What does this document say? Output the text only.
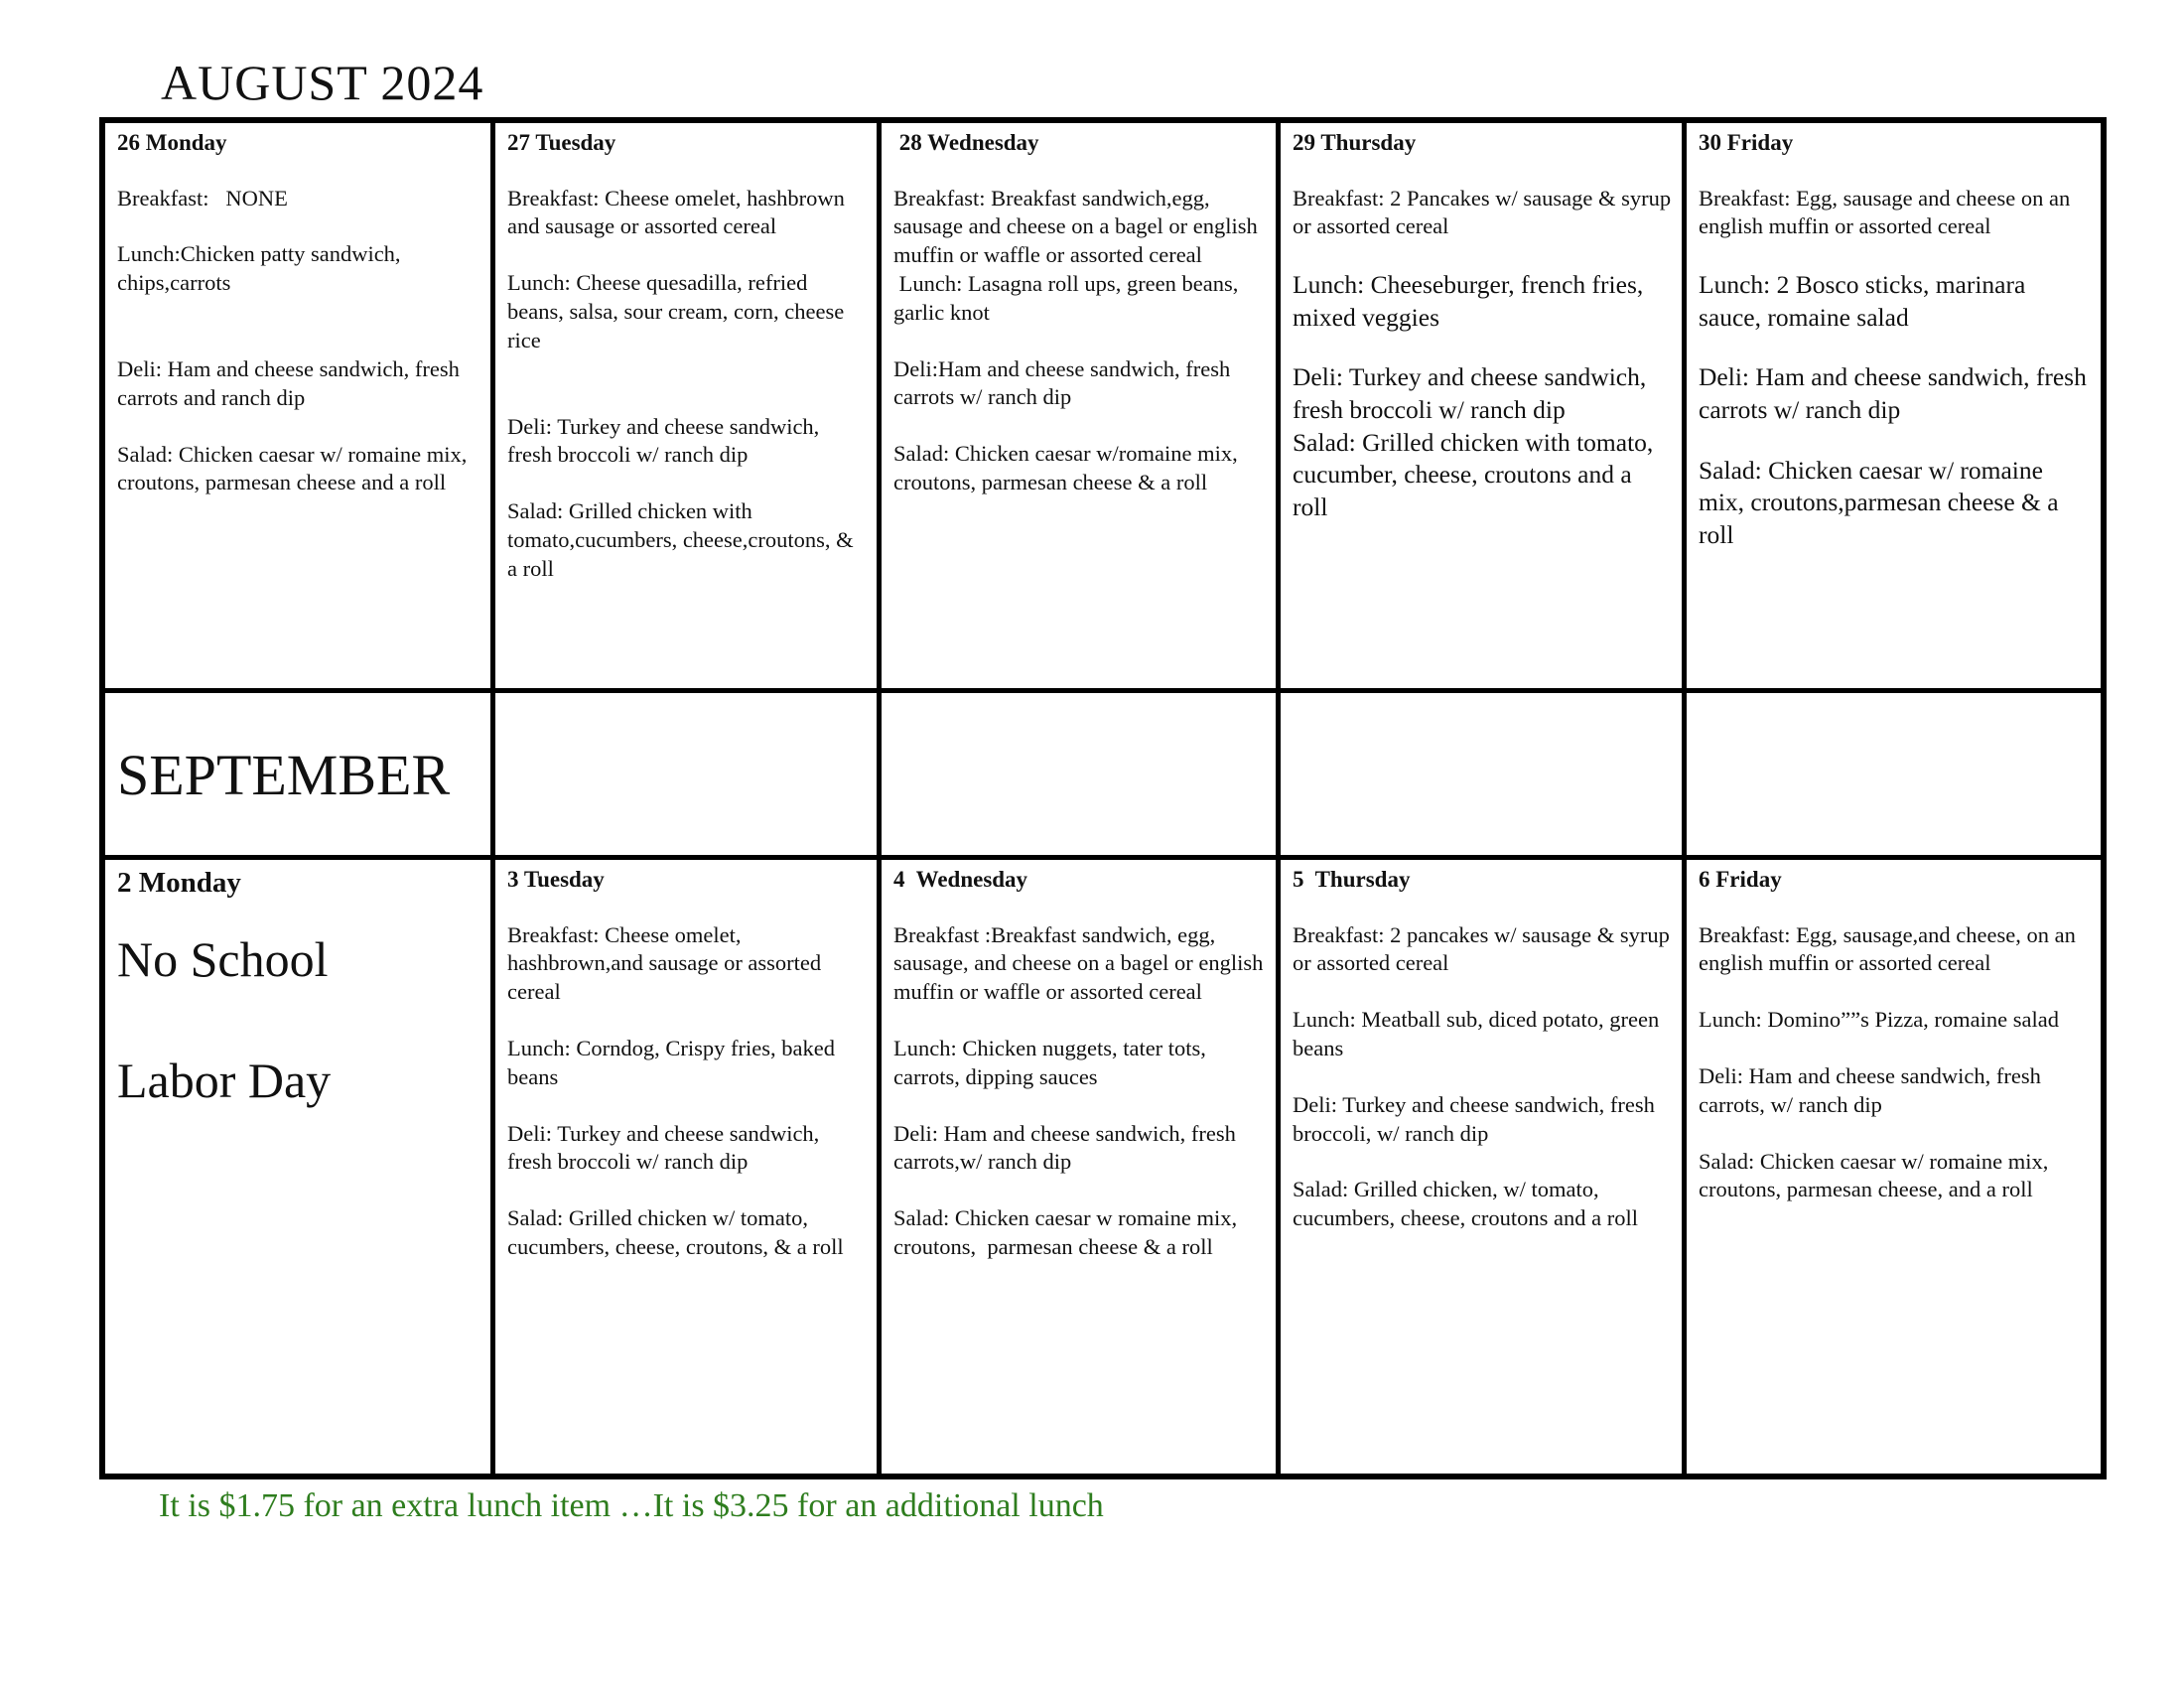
AUGUST 2024
26 Monday
Breakfast:   NONE
Lunch:Chicken patty sandwich, chips,carrots
Deli: Ham and cheese sandwich, fresh carrots and ranch dip
Salad: Chicken caesar w/ romaine mix, croutons, parmesan cheese and a roll
27 Tuesday
Breakfast: Cheese omelet, hashbrown and sausage or assorted cereal
Lunch: Cheese quesadilla, refried beans, salsa, sour cream, corn, cheese rice
Deli: Turkey and cheese sandwich, fresh broccoli w/ ranch dip
Salad: Grilled chicken with tomato,cucumbers, cheese,croutons, & a roll
28 Wednesday
Breakfast: Breakfast sandwich,egg, sausage and cheese on a bagel or english muffin or waffle or assorted cereal
Lunch: Lasagna roll ups, green beans, garlic knot
Deli:Ham and cheese sandwich, fresh carrots w/ ranch dip
Salad: Chicken caesar w/romaine mix, croutons, parmesan cheese & a roll
29 Thursday
Breakfast: 2 Pancakes w/ sausage & syrup or assorted cereal
Lunch: Cheeseburger, french fries, mixed veggies
Deli: Turkey and cheese sandwich, fresh broccoli w/ ranch dip
Salad: Grilled chicken with tomato, cucumber, cheese, croutons and a roll
30 Friday
Breakfast: Egg, sausage and cheese on an english muffin or assorted cereal
Lunch: 2 Bosco sticks, marinara sauce, romaine salad
Deli: Ham and cheese sandwich, fresh carrots w/ ranch dip
Salad: Chicken caesar w/ romaine mix, croutons,parmesan cheese & a roll
SEPTEMBER
2 Monday
No School
Labor Day
3 Tuesday
Breakfast: Cheese omelet, hashbrown,and sausage or assorted cereal
Lunch: Corndog, Crispy fries, baked beans
Deli: Turkey and cheese sandwich, fresh broccoli w/ ranch dip
Salad: Grilled chicken w/ tomato, cucumbers, cheese, croutons, & a roll
4  Wednesday
Breakfast :Breakfast sandwich, egg, sausage, and cheese on a bagel or english muffin or waffle or assorted cereal
Lunch: Chicken nuggets, tater tots, carrots, dipping sauces
Deli: Ham and cheese sandwich, fresh carrots,w/ ranch dip
Salad: Chicken caesar w romaine mix, croutons,  parmesan cheese & a roll
5  Thursday
Breakfast: 2 pancakes w/ sausage & syrup or assorted cereal
Lunch: Meatball sub, diced potato, green beans
Deli: Turkey and cheese sandwich, fresh broccoli, w/ ranch dip
Salad: Grilled chicken, w/ tomato, cucumbers, cheese, croutons and a roll
6 Friday
Breakfast: Egg, sausage,and cheese, on an english muffin or assorted cereal
Lunch: Domino””s Pizza, romaine salad
Deli: Ham and cheese sandwich, fresh carrots, w/ ranch dip
Salad: Chicken caesar w/ romaine mix, croutons, parmesan cheese, and a roll
It is $1.75 for an extra lunch item …It is $3.25 for an additional lunch
